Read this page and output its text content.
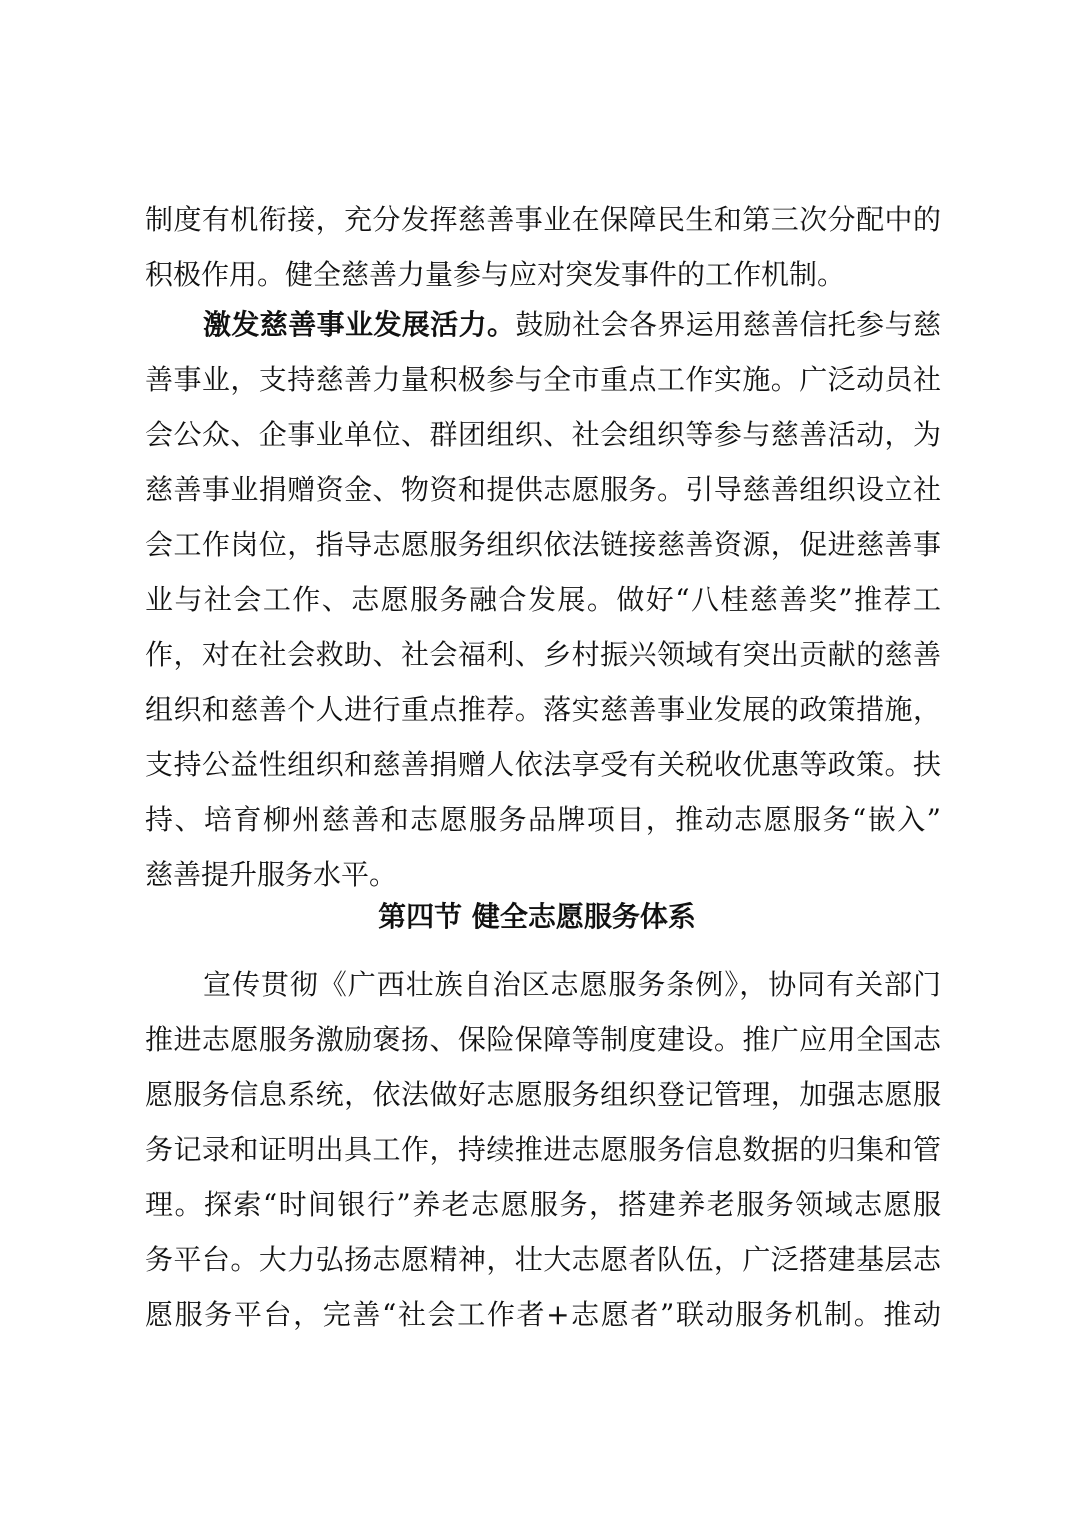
制度有机衔接，充分发挥慈善事业在保障民生和第三次分配中的
积极作用。健全慈善力量参与应对突发事件的工作机制。
激发慈善事业发展活力。鼓励社会各界运用慈善信托参与慈
善事业，支持慈善力量积极参与全市重点工作实施。广泛动员社
会公众、企事业单位、群团组织、社会组织等参与慈善活动，为
慈善事业捐赠资金、物资和提供志愿服务。引导慈善组织设立社
会工作岗位，指导志愿服务组织依法链接慈善资源，促进慈善事
业与社会工作、志愿服务融合发展。做好“八桂慈善奖”推荐工
作，对在社会救助、社会福利、乡村振兴领域有突出贡献的慈善
组织和慈善个人进行重点推荐。落实慈善事业发展的政策措施，
支持公益性组织和慈善捐赠人依法享受有关税收优惠等政策。扶
持、培育柳州慈善和志愿服务品牌项目，推动志愿服务“嵌入”
慈善提升服务水平。
第四节 健全志愿服务体系
宣传贯彻《广西壮族自治区志愿服务条例》，协同有关部门
推进志愿服务激励褒扬、保险保障等制度建设。推广应用全国志
愿服务信息系统，依法做好志愿服务组织登记管理，加强志愿服
务记录和证明出具工作，持续推进志愿服务信息数据的归集和管
理。探索“时间银行”养老志愿服务，搭建养老服务领域志愿服
务平台。大力弘扬志愿精神，壮大志愿者队伍，广泛搭建基层志
愿服务平台，完善“社会工作者+志愿者”联动服务机制。推动
